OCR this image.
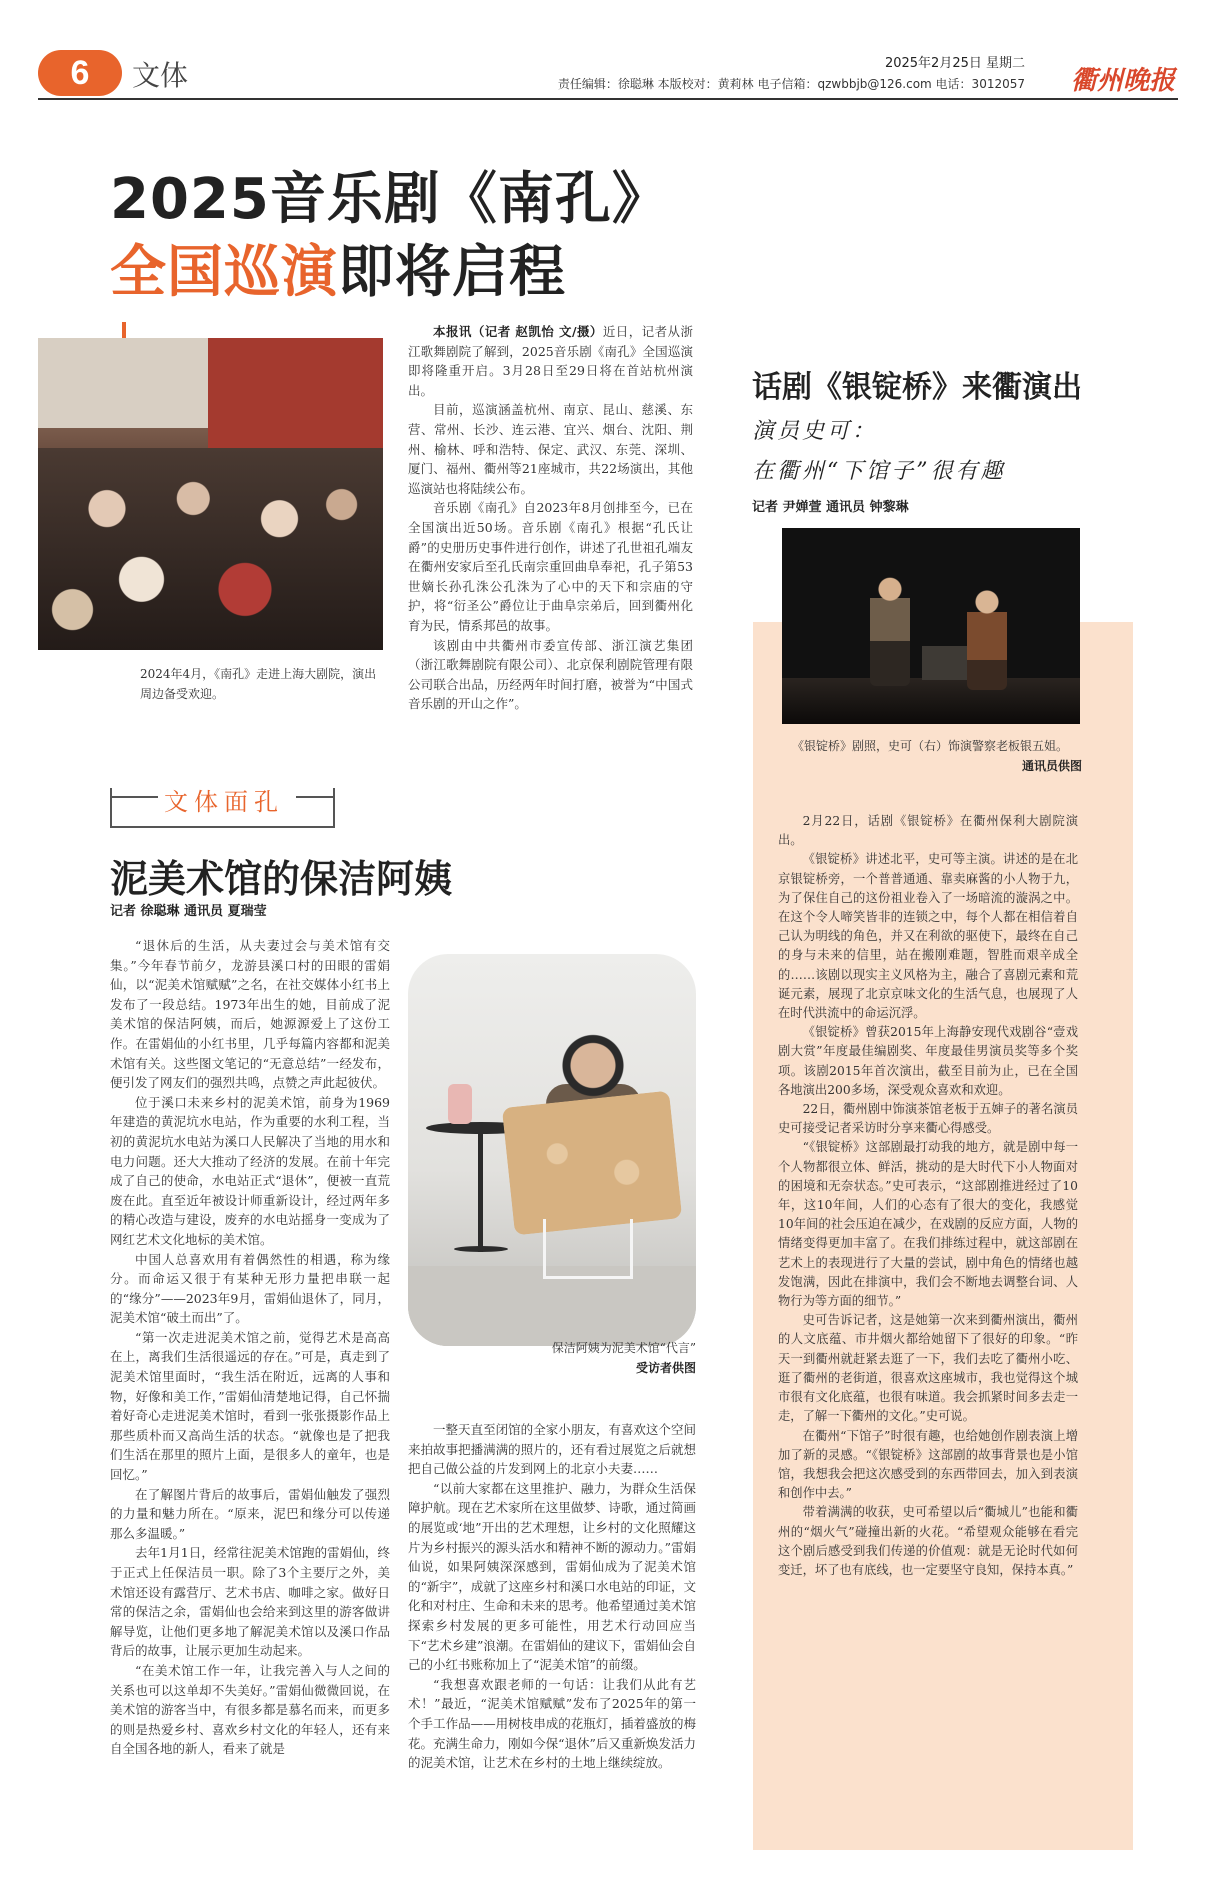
6	文体	2025年2月25日 星期二
责任编辑：徐聪琳 本版校对：黄莉林 电子信箱：qzwbbjb@126.com 电话：3012057 衢州晚报
2025音乐剧《南孔》
全国巡演即将启程
2024年4月，《南孔》走进上海大剧院，演出周边备受欢迎。

本报讯（记者 赵凯怡 文/摄）近日，记者从浙江歌舞剧院了解到，2025音乐剧《南孔》全国巡演即将隆重开启。3月28日至29日将在首站杭州演出。

目前，巡演涵盖杭州、南京、昆山、慈溪、东营、常州、长沙、连云港、宜兴、烟台、沈阳、荆州、榆林、呼和浩特、保定、武汉、东莞、深圳、厦门、福州、衢州等21座城市，共22场演出，其他巡演站也将陆续公布。

音乐剧《南孔》自2023年8月创排至今，已在全国演出近50场。音乐剧《南孔》根据“孔氏让爵”的史册历史事件进行创作，讲述了孔世祖孔端友在衢州安家后至孔氏南宗重回曲阜奉祀，孔子第53世嫡长孙孔洙公孔洙为了心中的天下和宗庙的守护，将“衍圣公”爵位让于曲阜宗弟后，回到衢州化育为民，情系邦邑的故事。

该剧由中共衢州市委宣传部、浙江演艺集团（浙江歌舞剧院有限公司）、北京保利剧院管理有限公司联合出品，历经两年时间打磨，被誉为“中国式音乐剧的开山之作”。

文体面孔
泥美术馆的保洁阿姨
记者 徐聪琳 通讯员 夏瑞莹

“退休后的生活，从夫妻过会与美术馆有交集。”今年春节前夕，龙游县溪口村的田眼的雷娟仙，以“泥美术馆赋赋”之名，在社交媒体小红书上发布了一段总结。1973年出生的她，目前成了泥美术馆的保洁阿姨，而后，她源源爱上了这份工作。在雷娟仙的小红书里，几乎每篇内容都和泥美术馆有关。这些图文笔记的“无意总结”一经发布，便引发了网友们的强烈共鸣，点赞之声此起彼伏。

位于溪口未来乡村的泥美术馆，前身为1969年建造的黄泥坑水电站，作为重要的水利工程，当初的黄泥坑水电站为溪口人民解决了当地的用水和电力问题。还大大推动了经济的发展。在前十年完成了自己的使命，水电站正式“退休”，便被一直荒废在此。直至近年被设计师重新设计，经过两年多的精心改造与建设，废弃的水电站摇身一变成为了网红艺术文化地标的美术馆。

中国人总喜欢用有着偶然性的相遇，称为缘分。而命运又很于有某种无形力量把串联一起的“缘分”——2023年9月，雷娟仙退休了，同月，泥美术馆“破土而出”了。

“第一次走进泥美术馆之前，觉得艺术是高高在上，离我们生活很遥远的存在。”可是，真走到了泥美术馆里面时，“我生活在附近，远离的人事和物，好像和美工作，”雷娟仙清楚地记得，自己怀揣着好奇心走进泥美术馆时，看到一张张摄影作品上那些质朴而又高尚生活的状态。“就像也是了把我们生活在那里的照片上面，是很多人的童年，也是回忆。”

在了解图片背后的故事后，雷娟仙触发了强烈的力量和魅力所在。“原来，泥巴和缘分可以传递那么多温暖。”

去年1月1日，经常往泥美术馆跑的雷娟仙，终于正式上任保洁员一职。除了3个主要厅之外，美术馆还设有露营厅、艺术书店、咖啡之家。做好日常的保洁之余，雷娟仙也会给来到这里的游客做讲解导览，让他们更多地了解泥美术馆以及溪口作品背后的故事，让展示更加生动起来。

“在美术馆工作一年，让我完善入与人之间的关系也可以这单却不失美好。”雷娟仙微微回说，在美术馆的游客当中，有很多都是慕名而来，而更多的则是热爱乡村、喜欢乡村文化的年轻人，还有来自全国各地的新人，看来了就是

保洁阿姨为泥美术馆“代言”
受访者供图

一整天直至闭馆的全家小朋友，有喜欢这个空间来拍故事把播满满的照片的，还有看过展览之后就想把自己做公益的片发到网上的北京小夫妻……

“以前大家都在这里推护、融力，为群众生活保障护航。现在艺术家所在这里做梦、诗歌，通过简画的展览或‘地”开出的艺术理想，让乡村的文化照耀这片为乡村振兴的源头活水和精神不断的源动力。”雷娟仙说，如果阿姨深深感到，雷娟仙成为了泥美术馆的“新宇”，成就了这座乡村和溪口水电站的印证，文化和对村庄、生命和未来的思考。他希望通过美术馆探索乡村发展的更多可能性，用艺术行动回应当下“艺术乡建”浪潮。在雷娟仙的建议下，雷娟仙会自己的小红书账称加上了“泥美术馆”的前缀。

“我想喜欢跟老师的一句话：让我们从此有艺术！”最近，“泥美术馆赋赋”发布了2025年的第一个手工作品——用树枝串成的花瓶灯，插着盛放的梅花。充满生命力，刚如今保“退休”后又重新焕发活力的泥美术馆，让艺术在乡村的土地上继续绽放。

话剧《银锭桥》来衢演出
演员史可：
在衢州“下馆子”很有趣
记者 尹婵萱 通讯员 钟黎琳
《银锭桥》剧照，史可（右）饰演警察老板银五姐。
通讯员供图

2月22日，话剧《银锭桥》在衢州保利大剧院演出。

《银锭桥》讲述北平，史可等主演。讲述的是在北京银锭桥旁，一个普普通通、靠卖麻酱的小人物于九，为了保住自己的这份祖业卷入了一场暗流的漩涡之中。在这个令人啼笑皆非的连锁之中，每个人都在相信着自己认为明线的角色，并又在利欲的驱使下，最终在自己的身与未来的信里，站在搬刚难题，智胜而艰辛成全的……该剧以现实主义风格为主，融合了喜剧元素和荒诞元素，展现了北京京味文化的生活气息，也展现了人在时代洪流中的命运沉浮。

《银锭桥》曾获2015年上海静安现代戏剧谷“壹戏剧大赏”年度最佳编剧奖、年度最佳男演员奖等多个奖项。该剧2015年首次演出，截至目前为止，已在全国各地演出200多场，深受观众喜欢和欢迎。

22日，衢州剧中饰演茶馆老板于五婶子的著名演员史可接受记者采访时分享来衢心得感受。

“《银锭桥》这部剧最打动我的地方，就是剧中每一个人物都很立体、鲜活，挑动的是大时代下小人物面对的困境和无奈状态。”史可表示，“这部剧推进经过了10年，这10年间，人们的心态有了很大的变化，我感觉10年间的社会压迫在减少，在戏剧的反应方面，人物的情绪变得更加丰富了。在我们排练过程中，就这部剧在艺术上的表现进行了大量的尝试，剧中角色的情绪也越发饱满，因此在排演中，我们会不断地去调整台词、人物行为等方面的细节。”

史可告诉记者，这是她第一次来到衢州演出，衢州的人文底蕴、市井烟火都给她留下了很好的印象。“昨天一到衢州就赶紧去逛了一下，我们去吃了衢州小吃、逛了衢州的老街道，很喜欢这座城市，我也觉得这个城市很有文化底蕴，也很有味道。我会抓紧时间多去走一走，了解一下衢州的文化。”史可说。

在衢州“下馆子”时很有趣，也给她创作剧表演上增加了新的灵感。“《银锭桥》这部剧的故事背景也是小馆馆，我想我会把这次感受到的东西带回去，加入到表演和创作中去。”

带着满满的收获，史可希望以后“衢城儿”也能和衢州的“烟火气”碰撞出新的火花。“希望观众能够在看完这个剧后感受到我们传递的价值观：就是无论时代如何变迁，坏了也有底线，也一定要坚守良知，保持本真。”
